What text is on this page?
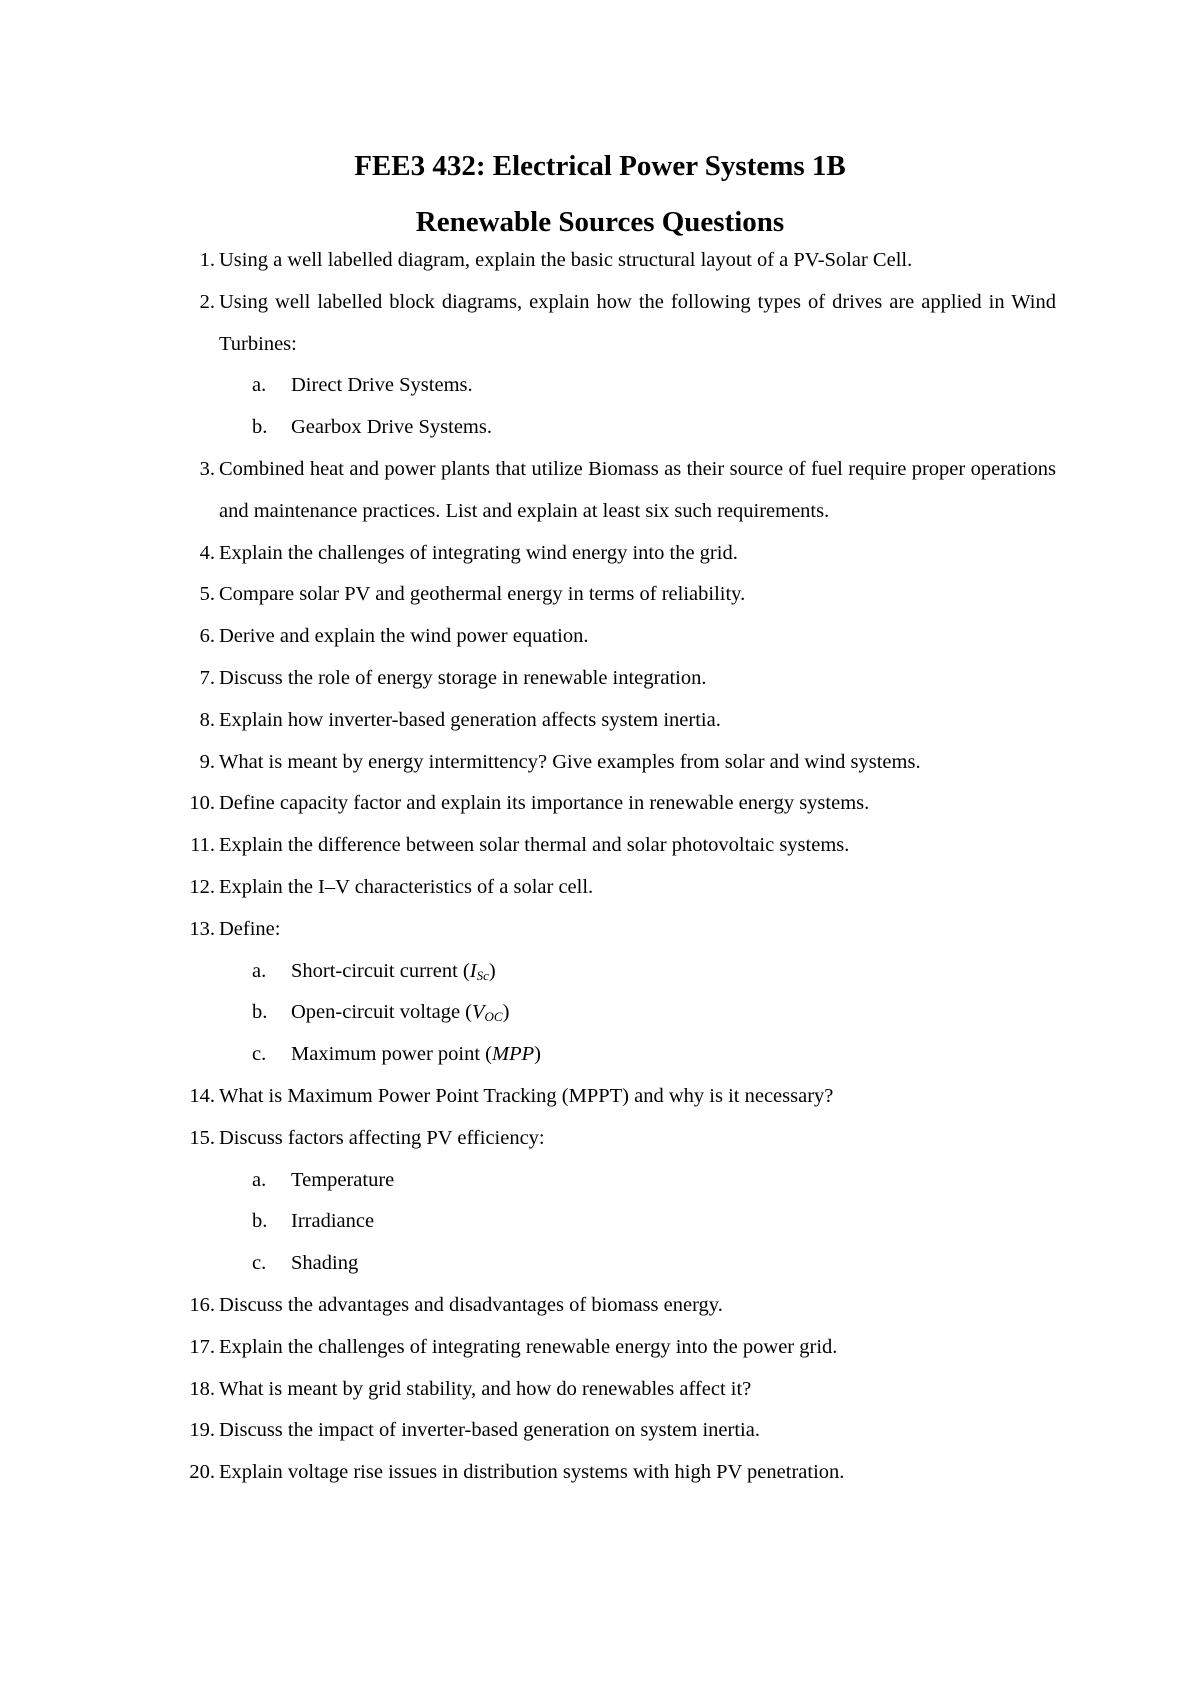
FEE3 432: Electrical Power Systems 1B
Renewable Sources Questions
1. Using a well labelled diagram, explain the basic structural layout of a PV-Solar Cell.
2. Using well labelled block diagrams, explain how the following types of drives are applied in Wind Turbines:
a. Direct Drive Systems.
b. Gearbox Drive Systems.
3. Combined heat and power plants that utilize Biomass as their source of fuel require proper operations and maintenance practices. List and explain at least six such requirements.
4. Explain the challenges of integrating wind energy into the grid.
5. Compare solar PV and geothermal energy in terms of reliability.
6. Derive and explain the wind power equation.
7. Discuss the role of energy storage in renewable integration.
8. Explain how inverter-based generation affects system inertia.
9. What is meant by energy intermittency? Give examples from solar and wind systems.
10. Define capacity factor and explain its importance in renewable energy systems.
11. Explain the difference between solar thermal and solar photovoltaic systems.
12. Explain the I–V characteristics of a solar cell.
13. Define:
a. Short-circuit current $(I_{Sc})$
b. Open-circuit voltage $(V_{OC})$
c. Maximum power point (MPP)
14. What is Maximum Power Point Tracking (MPPT) and why is it necessary?
15. Discuss factors affecting PV efficiency:
a. Temperature
b. Irradiance
c. Shading
16. Discuss the advantages and disadvantages of biomass energy.
17. Explain the challenges of integrating renewable energy into the power grid.
18. What is meant by grid stability, and how do renewables affect it?
19. Discuss the impact of inverter-based generation on system inertia.
20. Explain voltage rise issues in distribution systems with high PV penetration.
